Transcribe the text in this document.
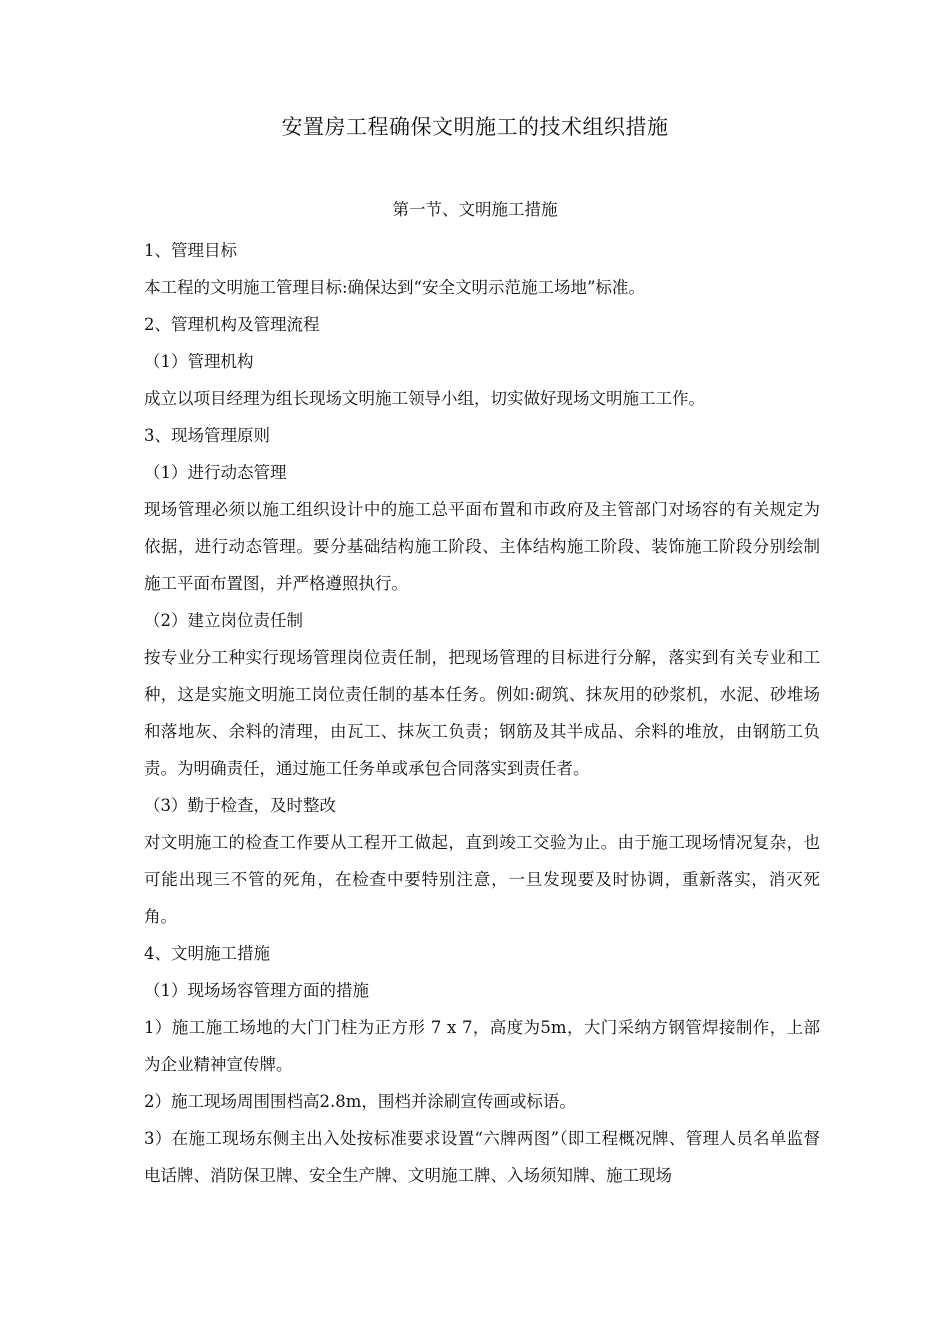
安置房工程确保文明施工的技术组织措施
第一节、文明施工措施

1、管理目标

本工程的文明施工管理目标:确保达到“安全文明示范施工场地”标准。

2、管理机构及管理流程

（1）管理机构

成立以项目经理为组长现场文明施工领导小组，切实做好现场文明施工工作。

3、现场管理原则

（1）进行动态管理

现场管理必须以施工组织设计中的施工总平面布置和市政府及主管部门对场容的有关规定为依据，进行动态管理。要分基础结构施工阶段、主体结构施工阶段、装饰施工阶段分别绘制施工平面布置图，并严格遵照执行。

（2）建立岗位责任制

按专业分工种实行现场管理岗位责任制，把现场管理的目标进行分解，落实到有关专业和工种，这是实施文明施工岗位责任制的基本任务。例如:砌筑、抹灰用的砂浆机，水泥、砂堆场和落地灰、余料的清理，由瓦工、抹灰工负责；钢筋及其半成品、余料的堆放，由钢筋工负责。为明确责任，通过施工任务单或承包合同落实到责任者。

（3）勤于检查，及时整改

对文明施工的检查工作要从工程开工做起，直到竣工交验为止。由于施工现场情况复杂，也可能出现三不管的死角，在检查中要特别注意，一旦发现要及时协调，重新落实，消灭死角。

4、文明施工措施

（1）现场场容管理方面的措施

1）施工施工场地的大门门柱为正方形 7 x 7，高度为5m，大门采纳方钢管焊接制作，上部为企业精神宣传牌。

2）施工现场周围围档高2.8m，围档并涂刷宣传画或标语。

3）在施工现场东侧主出入处按标准要求设置“六牌两图”（即工程概况牌、管理人员名单监督电话牌、消防保卫牌、安全生产牌、文明施工牌、入场须知牌、施工现场
